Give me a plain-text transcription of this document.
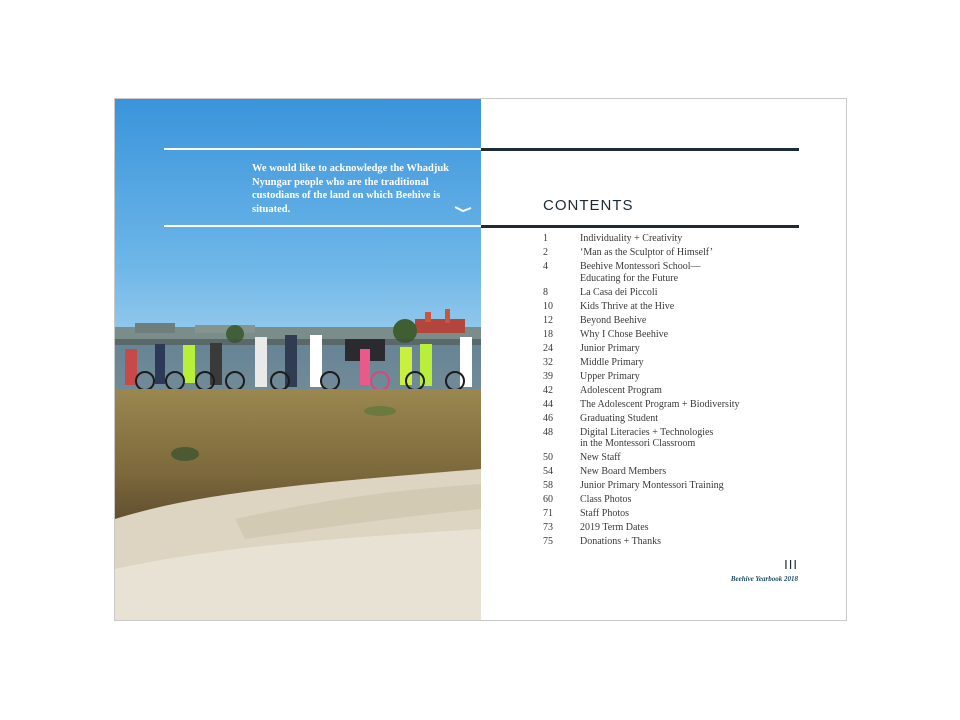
We would like to acknowledge the Whadjuk Nyungar people who are the traditional custodians of the land on which Beehive is situated.	CONTENTS
1	Individuality + Creativity
2	‘Man as the Sculptor of Himself’
4	Beehive Montessori School—
Educating for the Future
8	La Casa dei Piccoli
10	Kids Thrive at the Hive
12	Beyond Beehive
18	Why I Chose Beehive
24	Junior Primary
32	Middle Primary
39	Upper Primary
42	Adolescent Program
44	The Adolescent Program + Biodiversity
46	Graduating Student
48	Digital Literacies + Technologies
in the Montessori Classroom
50	New Staff
54	New Board Members
58	Junior Primary Montessori Training
60	Class Photos
71	Staff Photos
73	2019 Term Dates
75	Donations + Thanks
III
Beehive Yearbook 2018
